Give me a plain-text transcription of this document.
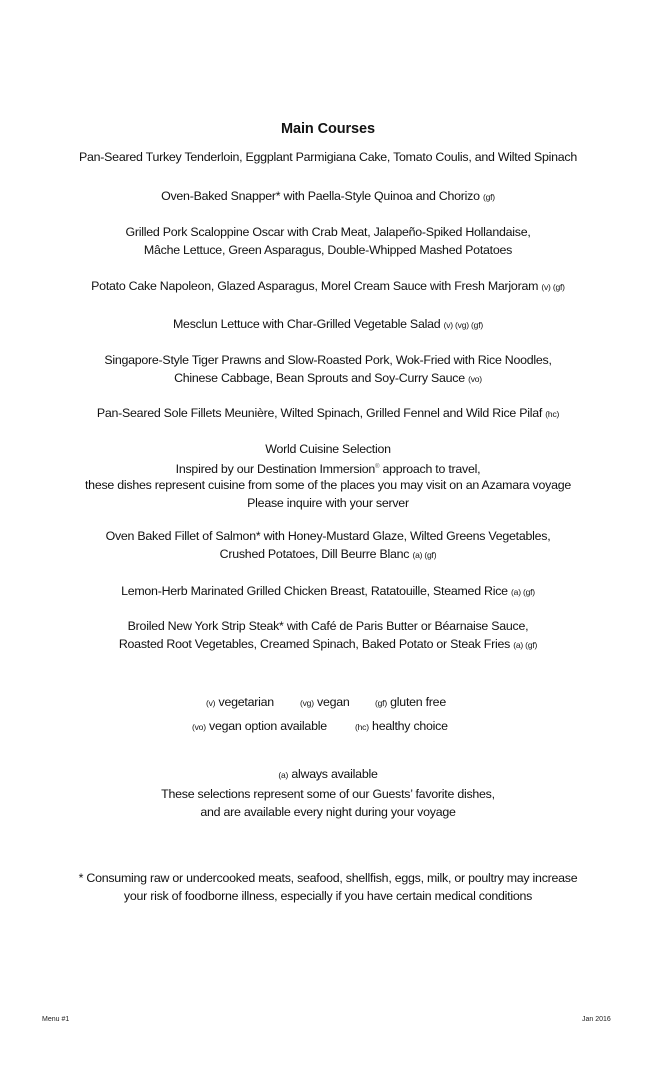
Main Courses
Pan-Seared Turkey Tenderloin, Eggplant Parmigiana Cake, Tomato Coulis, and Wilted Spinach
Oven-Baked Snapper* with Paella-Style Quinoa and Chorizo (gf)
Grilled Pork Scaloppine Oscar with Crab Meat, Jalapeño-Spiked Hollandaise,
Mâche Lettuce, Green Asparagus, Double-Whipped Mashed Potatoes
Potato Cake Napoleon, Glazed Asparagus, Morel Cream Sauce with Fresh Marjoram (v) (gf)
Mesclun Lettuce with Char-Grilled Vegetable Salad (v) (vg) (gf)
Singapore-Style Tiger Prawns and Slow-Roasted Pork, Wok-Fried with Rice Noodles,
Chinese Cabbage, Bean Sprouts and Soy-Curry Sauce (vo)
Pan-Seared Sole Fillets Meunière, Wilted Spinach, Grilled Fennel and Wild Rice Pilaf (hc)
World Cuisine Selection
Inspired by our Destination Immersion® approach to travel,
these dishes represent cuisine from some of the places you may visit on an Azamara voyage
Please inquire with your server
Oven Baked Fillet of Salmon* with Honey-Mustard Glaze, Wilted Greens Vegetables,
Crushed Potatoes, Dill Beurre Blanc (a) (gf)
Lemon-Herb Marinated Grilled Chicken Breast, Ratatouille, Steamed Rice (a) (gf)
Broiled New York Strip Steak* with Café de Paris Butter or Béarnaise Sauce,
Roasted Root Vegetables, Creamed Spinach, Baked Potato or Steak Fries (a) (gf)
(v) vegetarian	(vg) vegan	(gf) gluten free
(vo) vegan option available	(hc) healthy choice
(a) always available
These selections represent some of our Guests’ favorite dishes,
and are available every night during your voyage
* Consuming raw or undercooked meats, seafood, shellfish, eggs, milk, or poultry may increase
your risk of foodborne illness, especially if you have certain medical conditions
Menu #1	Jan 2016
